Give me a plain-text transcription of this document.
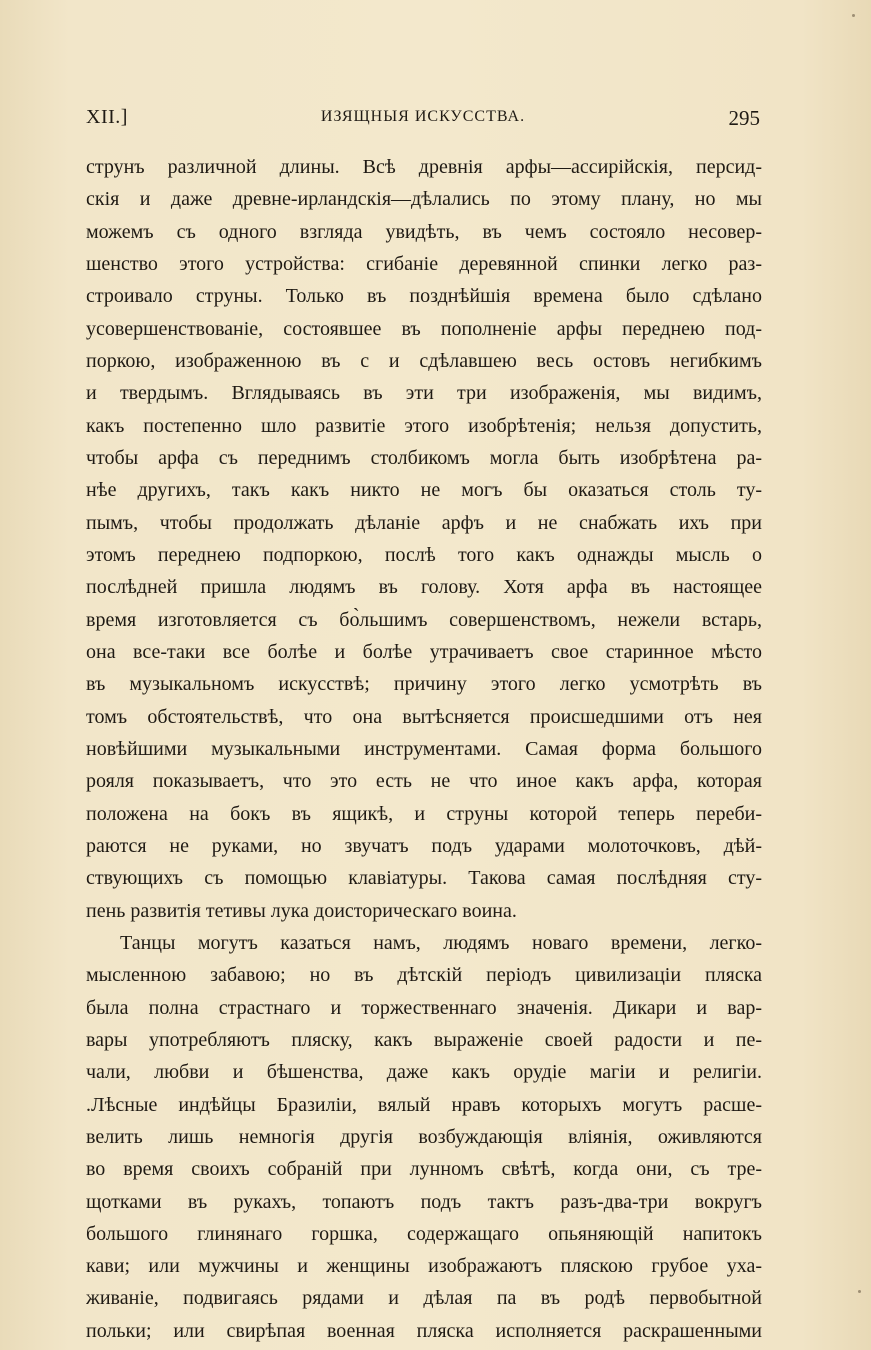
XII.]	ИЗЯЩНЫЯ ИСКУССТВА.	295
струнъ различной длины. Всѣ древнія арфы—ассирійскія, персид-
скія и даже древне-ирландскія—дѣлались по этому плану, но мы
можемъ съ одного взгляда увидѣть, въ чемъ состояло несовер-
шенство этого устройства: сгибаніе деревянной спинки легко раз-
строивало струны. Только въ позднѣйшія времена было сдѣлано
усовершенствованіе, состоявшее въ пополненіе арфы переднею под-
поркою, изображенною въ c и сдѣлавшею весь остовъ негибкимъ
и твердымъ. Вглядываясь въ эти три изображенія, мы видимъ,
какъ постепенно шло развитіе этого изобрѣтенія; нельзя допустить,
чтобы арфа съ переднимъ столбикомъ могла быть изобрѣтена ра-
нѣе другихъ, такъ какъ никто не могъ бы оказаться столь ту-
пымъ, чтобы продолжать дѣланіе арфъ и не снабжать ихъ при
этомъ переднею подпоркою, послѣ того какъ однажды мысль о
послѣдней пришла людямъ въ голову. Хотя арфа въ настоящее
время изготовляется съ бо̀льшимъ совершенствомъ, нежели встарь,
она все-таки все болѣе и болѣе утрачиваетъ свое старинное мѣсто
въ музыкальномъ искусствѣ; причину этого легко усмотрѣть въ
томъ обстоятельствѣ, что она вытѣсняется происшедшими отъ нея
новѣйшими музыкальными инструментами. Самая форма большого
рояля показываетъ, что это есть не что иное какъ арфа, которая
положена на бокъ въ ящикѣ, и струны которой теперь переби-
раются не руками, но звучатъ подъ ударами молоточковъ, дѣй-
ствующихъ съ помощью клавіатуры. Такова самая послѣдняя сту-
пень развитія тетивы лука доисторическаго воина.
Танцы могутъ казаться намъ, людямъ новаго времени, легко-
мысленною забавою; но въ дѣтскій періодъ цивилизаціи пляска
была полна страстнаго и торжественнаго значенія. Дикари и вар-
вары употребляютъ пляску, какъ выраженіе своей радости и пе-
чали, любви и бѣшенства, даже какъ орудіе магіи и религіи.
.Лѣсные индѣйцы Бразиліи, вялый нравъ которыхъ могутъ расше-
велить лишь немногія другія возбуждающія вліянія, оживляются
во время своихъ собраній при лунномъ свѣтѣ, когда они, съ тре-
щотками въ рукахъ, топаютъ подъ тактъ разъ-два-три вокругъ
большого глинянаго горшка, содержащаго опьяняющій напитокъ
кави; или мужчины и женщины изображаютъ пляскою грубое уха-
живаніе, подвигаясь рядами и дѣлая па въ родѣ первобытной
польки; или свирѣпая военная пляска исполняется раскрашенными
